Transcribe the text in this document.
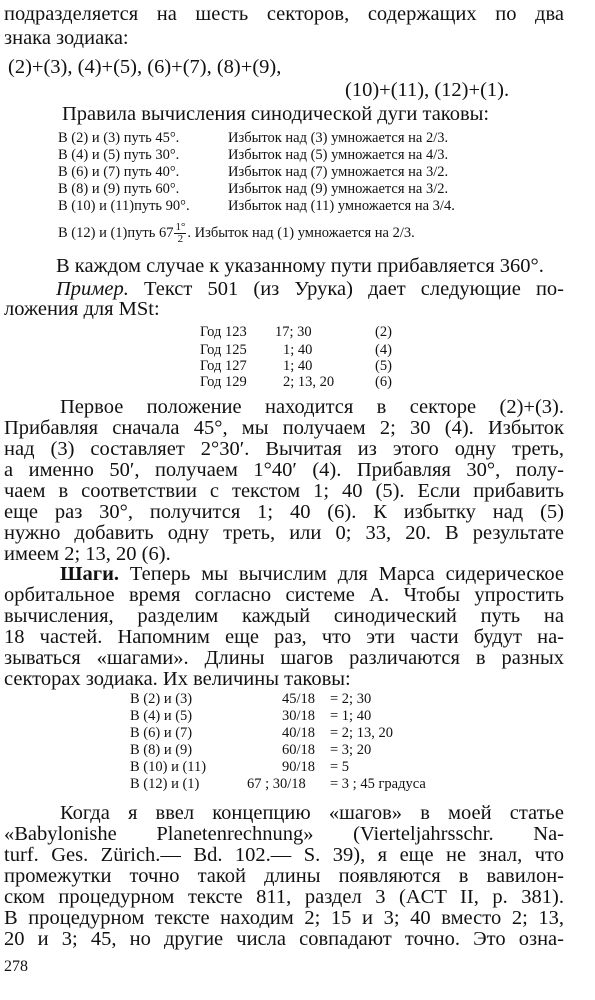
подразделяется на шесть секторов, содержащих по два
знака зодиака:
(2)+(3), (4)+(5), (6)+(7), (8)+(9),
(10)+(11), (12)+(1).
Правила вычисления синодической дуги таковы:
В (2) и (3) путь 45°.	Избыток над (3) умножается на 2/3.
В (4) и (5) путь 30°.	Избыток над (5) умножается на 4/3.
В (6) и (7) путь 40°.	Избыток над (7) умножается на 3/2.
В (8) и (9) путь 60°.	Избыток над (9) умножается на 3/2.
В (10) и (11)путь 90°.	Избыток над (11) умножается на 3/4.
В (12) и (1)путь $67 \frac{1^\circ}{2}$ . Избыток над (1) умножается на 2/3.
В каждом случае к указанному пути прибавляется 360°.
Пример. Текст 501 (из Урука) дает следующие по-
ложения для MSt:
Год 123 17; 30	(2)
Год 125	1; 40	(4)
Год 127	1; 40	(5)
Год 129	2; 13, 20	(6)
Первое положение находится в секторе (2)+(3).
Прибавляя сначала 45°, мы получаем 2; 30 (4). Избыток
над (3) составляет 2°30′. Вычитая из этого одну треть,
а именно 50′, получаем 1°40′ (4). Прибавляя 30°, полу-
чаем в соответствии с текстом 1; 40 (5). Если прибавить
еще раз 30°, получится 1; 40 (6). К избытку над (5)
нужно добавить одну треть, или 0; 33, 20. В результате
имеем 2; 13, 20 (6).
Шаги. Теперь мы вычислим для Марса сидерическое
орбитальное время согласно системе А. Чтобы упростить
вычисления, разделим каждый синодический путь на
18 частей. Напомним еще раз, что эти части будут на-
зываться «шагами». Длины шагов различаются в разных
секторах зодиака. Их величины таковы:
В (2) и (3)	45/18 = 2; 30
В (4) и (5)	30/18 = 1; 40
В (6) и (7)	40/18 = 2; 13, 20
В (8) и (9)	60/18 = 3; 20
В (10) и (11)	90/18 = 5
В (12) и (1)	67 ; 30/18 = 3 ; 45 градуса
Когда я ввел концепцию «шагов» в моей статье
«Babylonishe Planetenrechnung» (Vierteljahrsschr. Na-
turf. Ges. Zürich.— Bd. 102.— S. 39), я еще не знал, что
промежутки точно такой длины появляются в вавилон-
ском процедурном тексте 811, раздел 3 (ACT II, p. 381).
В процедурном тексте находим 2; 15 и 3; 40 вместо 2; 13,
20 и 3; 45, но другие числа совпадают точно. Это озна-
278
